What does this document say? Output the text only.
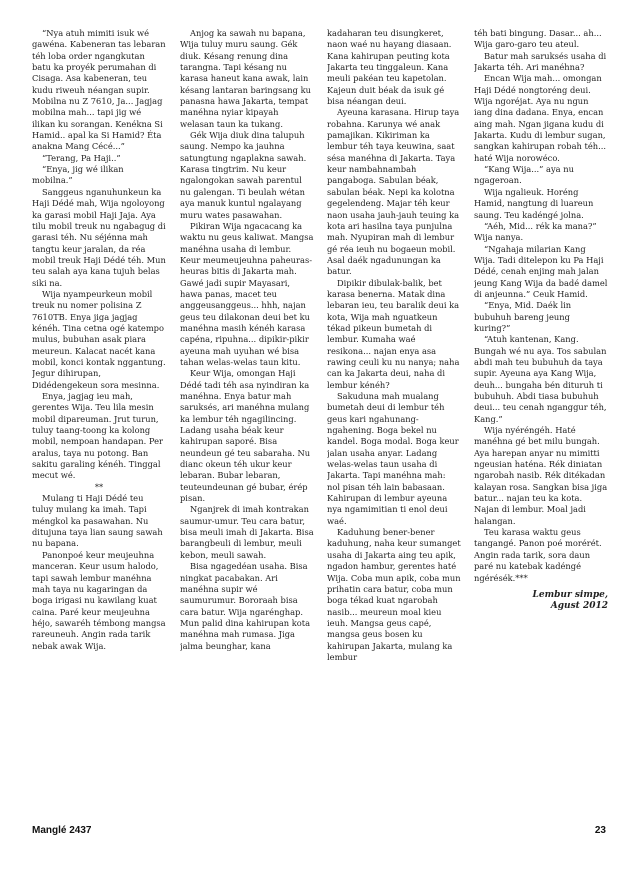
“Nya atuh mimiti isuk wé gawéna. Kabeneran tas lebaran téh loba order ngangkutan batu ka proyék perumahan di Cisaga. Asa kabeneran, teu kudu riweuh néangan supir. Mobilna nu Z 7610, Ja... Jagjag mobilna mah... tapi jig wé ilikan ku sorangan. Kenékna Si Hamid.. apal ka Si Hamid? Éta anakna Mang Cécé...”

“Terang, Pa Haji..”

“Enya, jig wé ilikan mobilna.”

Sanggeus nganuhunkeun ka Haji Dédé mah, Wija ngoloyong ka garasi mobil Haji Jaja. Aya tilu mobil treuk nu ngabagug di garasi téh. Nu séjénna mah tangtu keur jaralan, da réa mobil treuk Haji Dédé téh. Mun teu salah aya kana tujuh belas siki na.

Wija nyampeurkeun mobil treuk nu nomer polisina Z 7610TB. Enya jiga jagjag kénéh. Tina cetna ogé katempo mulus, bubuhan asak piara meureun. Kalacat nacét kana mobil, konci kontak nggantung. Jegur dihirupan, Didédengekeun sora mesinna.

Enya, jagjag ieu mah, gerentes Wija. Teu lila mesin mobil dipareuman. Jrut turun, tuluy taang-toong ka kolong mobil, nempoan handapan. Per aralus, taya nu potong. Ban sakitu garaling kénéh. Tinggal mecut wé.

**

Mulang ti Haji Dédé teu tuluy mulang ka imah. Tapi méngkol ka pasawahan. Nu ditujuna taya lian saung sawah nu bapana.

Panonpoé keur meujeuhna manceran. Keur usum halodo, tapi sawah lembur manéhna mah taya nu kagaringan da boga irigasi nu kawilang kuat caina. Paré keur meujeuhna héjo, sawaréh témbong mangsa rareuneuh. Angin rada tarik nebak awak Wija.

Anjog ka sawah nu bapana, Wija tuluy muru saung. Gék diuk. Késang renung dina tarangna. Tapi késang nu karasa haneut kana awak, lain késang lantaran baringsang ku panasna hawa Jakarta, tempat manéhna nyiar kipayah welasan taun ka tukang.

Gék Wija diuk dina talupuh saung. Nempo ka jauhna satungtung ngaplakna sawah. Karasa tingtrim. Nu keur ngalongokan sawah parentul nu galengan. Ti beulah wétan aya manuk kuntul ngalayang muru wates pasawahan.

Pikiran Wija ngacacang ka waktu nu geus kaliwat. Mangsa manéhna usaha di lembur. Keur meumeujeuhna paheuras-heuras bitis di Jakarta mah. Gawé jadi supir Mayasari, hawa panas, macet teu anggeusanggeus... hhh, najan geus teu dilakonan deui bet ku manéhna masih kénéh karasa capéna, ripuhna... dipikir-pikir ayeuna mah uyuhan wé bisa tahan welas-welas taun kitu.

Keur Wija, omongan Haji Dédé tadi téh asa nyindiran ka manéhna. Enya batur mah saruksés, ari manéhna mulang ka lembur téh ngagilincing. Ladang usaha béak keur kahirupan saporé. Bisa neundeun gé teu sabaraha. Nu dianc okeun téh ukur keur lebaran. Bubar lebaran, teuteundeunan gé bubar, érép pisan.

Nganjrek di imah kontrakan saumur-umur. Teu cara batur, bisa meuli imah di Jakarta. Bisa barangbeuli di lembur, meuli kebon, meuli sawah.

Bisa ngagedéan usaha. Bisa ningkat pacabakan. Ari manéhna supir wé saumurumur. Bororaah bisa cara batur. Wija ngarénghap. Mun palid dina kahirupan kota manéhna mah rumasa. Jiga jalma beunghar, kana

kadaharan teu disungkeret, naon waé nu hayang diasaan. Kana kahirupan peuting kota Jakarta teu tinggaleun. Kana meuli pakéan teu kapetolan. Kajeun duit béak da isuk gé bisa néangan deui.

Ayeuna karasana. Hirup taya robahna. Karunya wé anak pamajikan. Kikiriman ka lembur téh taya keuwina, saat sésa manéhna di Jakarta. Taya keur nambahnambah pangaboga. Sabulan béak, sabulan béak. Nepi ka kolotna gegelendeng. Majar téh keur naon usaha jauh-jauh teuing ka kota ari hasilna taya punjulna mah. Nyupiran mah di lembur gé réa ieuh nu bogaeun mobil. Asal daék ngadunungan ka batur.

Dipikir dibulak-balik, bet karasa benerna. Matak dina lebaran ieu, teu baralik deui ka kota, Wija mah nguatkeun tékad pikeun bumetah di lembur. Kumaha waé resikona... najan enya asa rawing ceuli ku nu nanya; naha can ka Jakarta deui, naha di lembur kénéh?

Sakuduna mah mualang bumetah deui di lembur téh geus kari ngahunang-ngahening. Boga bekel nu kandel. Boga modal. Boga keur jalan usaha anyar. Ladang welas-welas taun usaha di Jakarta. Tapi manéhna mah: nol pisan téh lain babasaan. Kahirupan di lembur ayeuna nya ngamimitian ti enol deui waé.

Kaduhung bener-bener kaduhung, naha keur sumanget usaha di Jakarta aing teu apik, ngadon hambur, gerentes haté Wija. Coba mun apik, coba mun prihatin cara batur, coba mun boga tékad kuat ngarobah nasib... meureun moal kieu ieuh. Mangsa geus capé, mangsa geus bosen ku kahirupan Jakarta, mulang ka lembur

téh bati bingung. Dasar... ah... Wija garo-garo teu ateul.

Batur mah saruksés usaha di Jakarta téh. Ari manéhna?

Encan Wija mah... omongan Haji Dédé nongtoréng deui. Wija ngoréjat. Aya nu ngun iang dina dadana. Enya, encan aing mah. Ngan jigana kudu di Jakarta. Kudu di lembur sugan, sangkan kahirupan robah téh... haté Wija norowéco.

“Kang Wija...” aya nu ngageroan.

Wija ngalieuk. Horéng Hamid, nangtung di luareun saung. Teu kadéngé jolna.

“Aéh, Mid... rék ka mana?” Wija nanya.

“Ngahaja milarian Kang Wija. Tadi ditelepon ku Pa Haji Dédé, cenah enjing mah jalan jeung Kang Wija da badé damel di anjeunna.” Ceuk Hamid.

“Enya, Mid. Daék lin bubuhuh bareng jeung kuring?”

“Atuh kantenan, Kang. Bungah wé nu aya. Tos sabulan abdi mah teu bubuhuh da taya supir. Ayeuna aya Kang Wija, deuh... bungaha bén dituruh ti bubuhuh. Abdi tiasa bubuhuh deui... teu cenah nganggur téh, Kang.”

Wija nyéréngéh. Haté manéhna gé bet milu bungah. Aya harepan anyar nu mimitti ngeusian haténa. Rék diniatan ngarobah nasib. Rék ditékadan kalayan rosa. Sangkan bisa jiga batur... najan teu ka kota. Najan di lembur. Moal jadi halangan.

Teu karasa waktu geus tangangé. Panon poé morérét. Angin rada tarik, sora daun paré nu katebak kadéngé ngérésék.***

Lembur simpe,
Agust 2012
Manglé 2437	23
